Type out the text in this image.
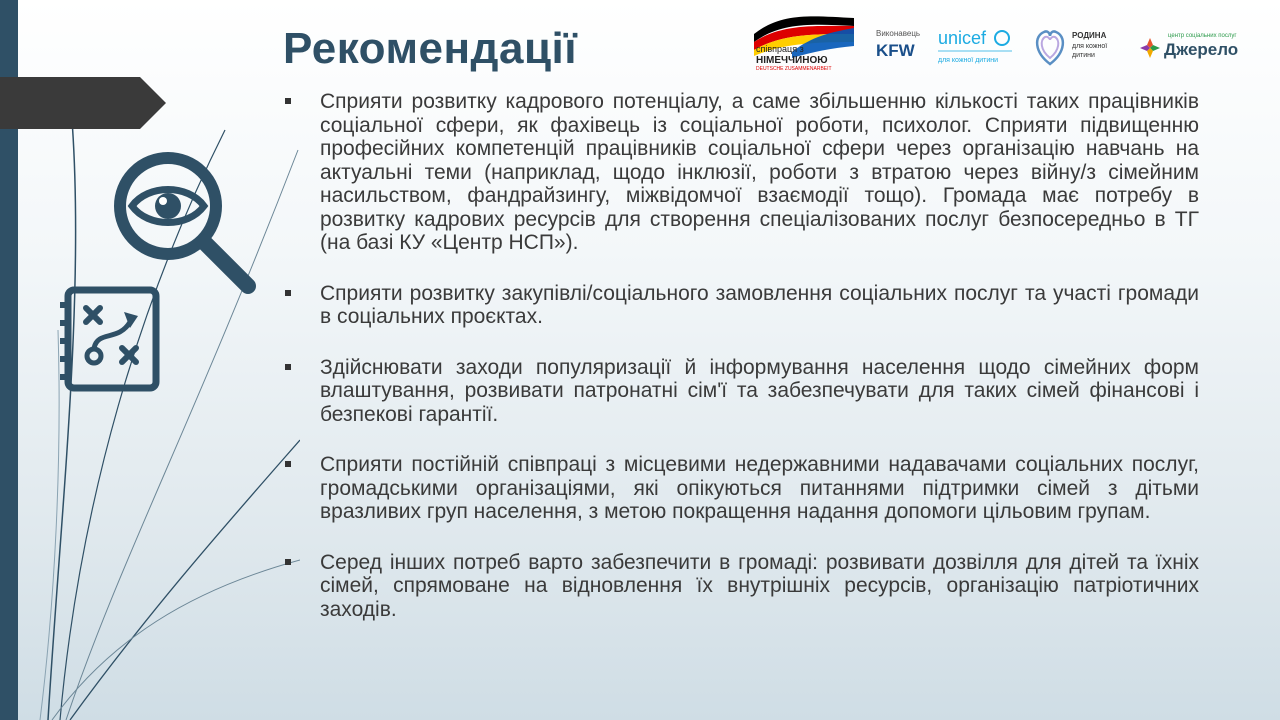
Рекомендації	співпраця з
НІМЕЧЧИНОЮ
DEUTSCHE ZUSAMMENARBEIT
Виконавець
KFW
unicef
для кожної дитини
РОДИНА
для кожної
дитини
центр соціальних послуг
Джерело
Сприяти розвитку кадрового потенціалу, а саме збільшенню кількості таких працівників соціальної сфери, як фахівець із соціальної роботи, психолог. Сприяти підвищенню професійних компетенцій працівників соціальної сфери через організацію навчань на актуальні теми (наприклад, щодо інклюзії, роботи з втратою через війну/з сімейним насильством, фандрайзингу, міжвідомчої взаємодії тощо). Громада має потребу в розвитку кадрових ресурсів для створення спеціалізованих послуг безпосередньо в ТГ (на базі КУ «Центр НСП»).
Сприяти розвитку закупівлі/соціального замовлення соціальних послуг та участі громади в соціальних проєктах.
Здійснювати заходи популяризації й інформування населення щодо сімейних форм влаштування, розвивати патронатні сім'ї та забезпечувати для таких сімей фінансові і безпекові гарантії.
Сприяти постійній співпраці з місцевими недержавними надавачами соціальних послуг, громадськими організаціями, які опікуються питаннями підтримки сімей з дітьми вразливих груп населення, з метою покращення надання допомоги цільовим групам.
Серед інших потреб варто забезпечити в громаді: розвивати дозвілля для дітей та їхніх сімей, спрямоване на відновлення їх внутрішніх ресурсів, організацію патріотичних заходів.
